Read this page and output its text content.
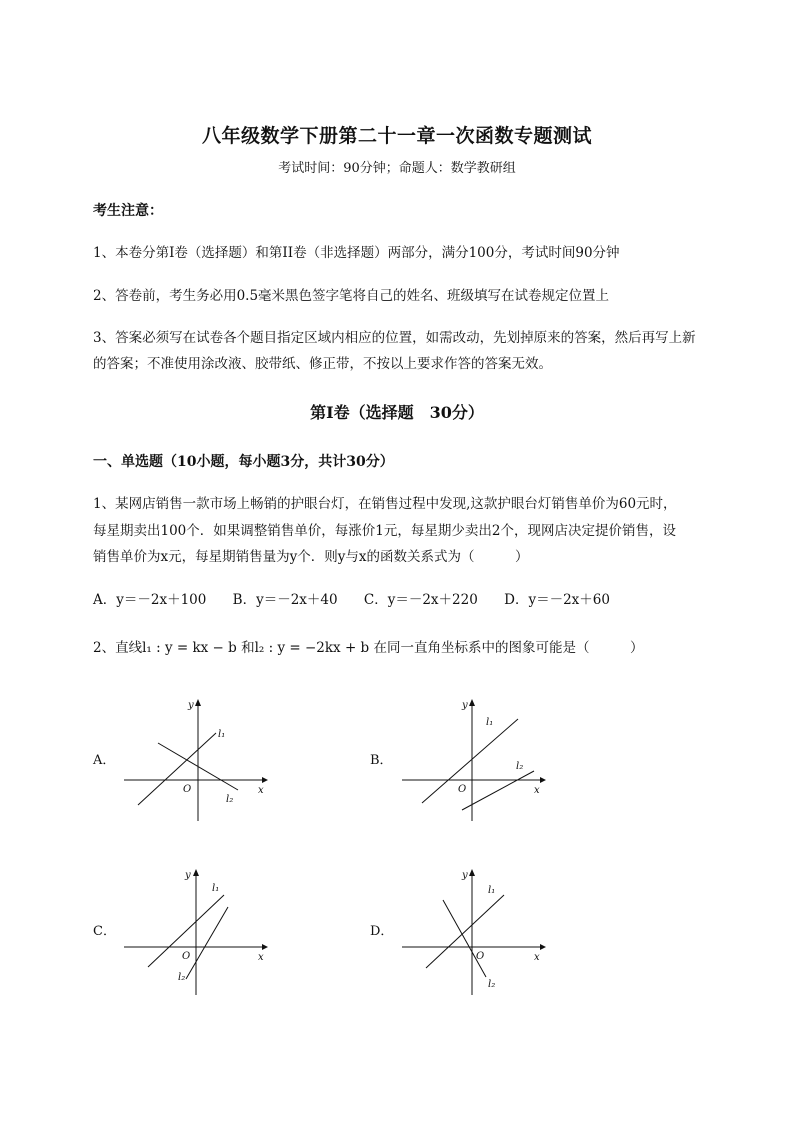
八年级数学下册第二十一章一次函数专题测试
考试时间：90分钟；命题人：数学教研组
考生注意：
1、本卷分第I卷（选择题）和第II卷（非选择题）两部分，满分100分，考试时间90分钟
2、答卷前，考生务必用0.5毫米黑色签字笔将自己的姓名、班级填写在试卷规定位置上
3、答案必须写在试卷各个题目指定区域内相应的位置，如需改动，先划掉原来的答案，然后再写上新
的答案；不准使用涂改液、胶带纸、修正带，不按以上要求作答的答案无效。
第I卷（选择题　30分）
一、单选题（10小题，每小题3分，共计30分）
1、某网店销售一款市场上畅销的护眼台灯，在销售过程中发现,这款护眼台灯销售单价为60元时，
每星期卖出100个．如果调整销售单价，每涨价1元，每星期少卖出2个，现网店决定提价销售，设
销售单价为x元，每星期销售量为y个．则y与x的函数关系式为（　　　）
A．y＝－2x＋100 B．y＝－2x＋40 C．y＝－2x＋220 D．y＝－2x＋60
2、直线l₁ : y = kx − b 和l₂ : y = −2kx + b 在同一直角坐标系中的图象可能是（　　　）
A．
y
x
O
l₁
l₂
B．
y
x
O
l₁
l₂
C．
y
x
O
l₁
l₂
D．
y
x
O
l₁
l₂
